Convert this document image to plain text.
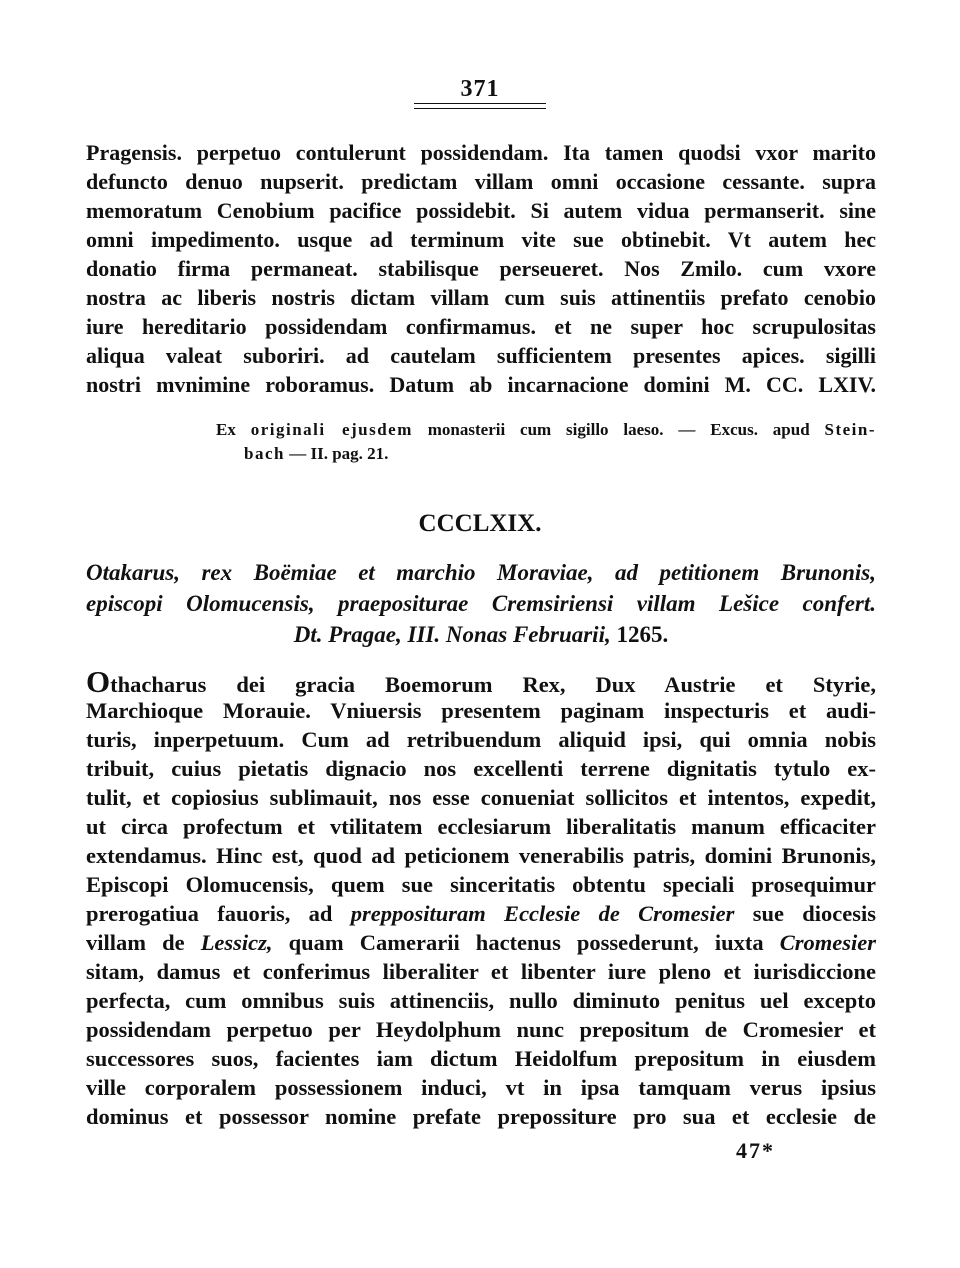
371
Pragensis. perpetuo contulerunt possidendam. Ita tamen quodsi vxor marito
defuncto denuo nupserit. predictam villam omni occasione cessante. supra
memoratum Cenobium pacifice possidebit. Si autem vidua permanserit. sine
omni impedimento. usque ad terminum vite sue obtinebit. Vt autem hec
donatio firma permaneat. stabilisque perseueret. Nos Zmilo. cum vxore
nostra ac liberis nostris dictam villam cum suis attinentiis prefato cenobio
iure hereditario possidendam confirmamus. et ne super hoc scrupulositas
aliqua valeat suboriri. ad cautelam sufficientem presentes apices. sigilli
nostri mvnimine roboramus. Datum ab incarnacione domini M. CC. LXIV.
Ex originali ejusdem monasterii cum sigillo laeso. — Excus. apud Stein-
bach — II. pag. 21.
CCCLXIX.
Otakarus, rex Boëmiae et marchio Moraviae, ad petitionem Brunonis,
episcopi Olomucensis, praepositurae Cremsiriensi villam Lešice confert.
Dt. Pragae, III. Nonas Februarii, 1265.
Othacharus dei gracia Boemorum Rex, Dux Austrie et Styrie,
Marchioque Morauie. Vniuersis presentem paginam inspecturis et audi-
turis, inperpetuum. Cum ad retribuendum aliquid ipsi, qui omnia nobis
tribuit, cuius pietatis dignacio nos excellenti terrene dignitatis tytulo ex-
tulit, et copiosius sublimauit, nos esse conueniat sollicitos et intentos, expedit,
ut circa profectum et vtilitatem ecclesiarum liberalitatis manum efficaciter
extendamus. Hinc est, quod ad peticionem venerabilis patris, domini Brunonis,
Episcopi Olomucensis, quem sue sinceritatis obtentu speciali prosequimur
prerogatiua fauoris, ad prepposituram Ecclesie de Cromesier sue diocesis
villam de Lessicz, quam Camerarii hactenus possederunt, iuxta Cromesier
sitam, damus et conferimus liberaliter et libenter iure pleno et iurisdiccione
perfecta, cum omnibus suis attinenciis, nullo diminuto penitus uel excepto
possidendam perpetuo per Heydolphum nunc prepositum de Cromesier et
successores suos, facientes iam dictum Heidolfum prepositum in eiusdem
ville corporalem possessionem induci, vt in ipsa tamquam verus ipsius
dominus et possessor nomine prefate prepossiture pro sua et ecclesie de
47*
